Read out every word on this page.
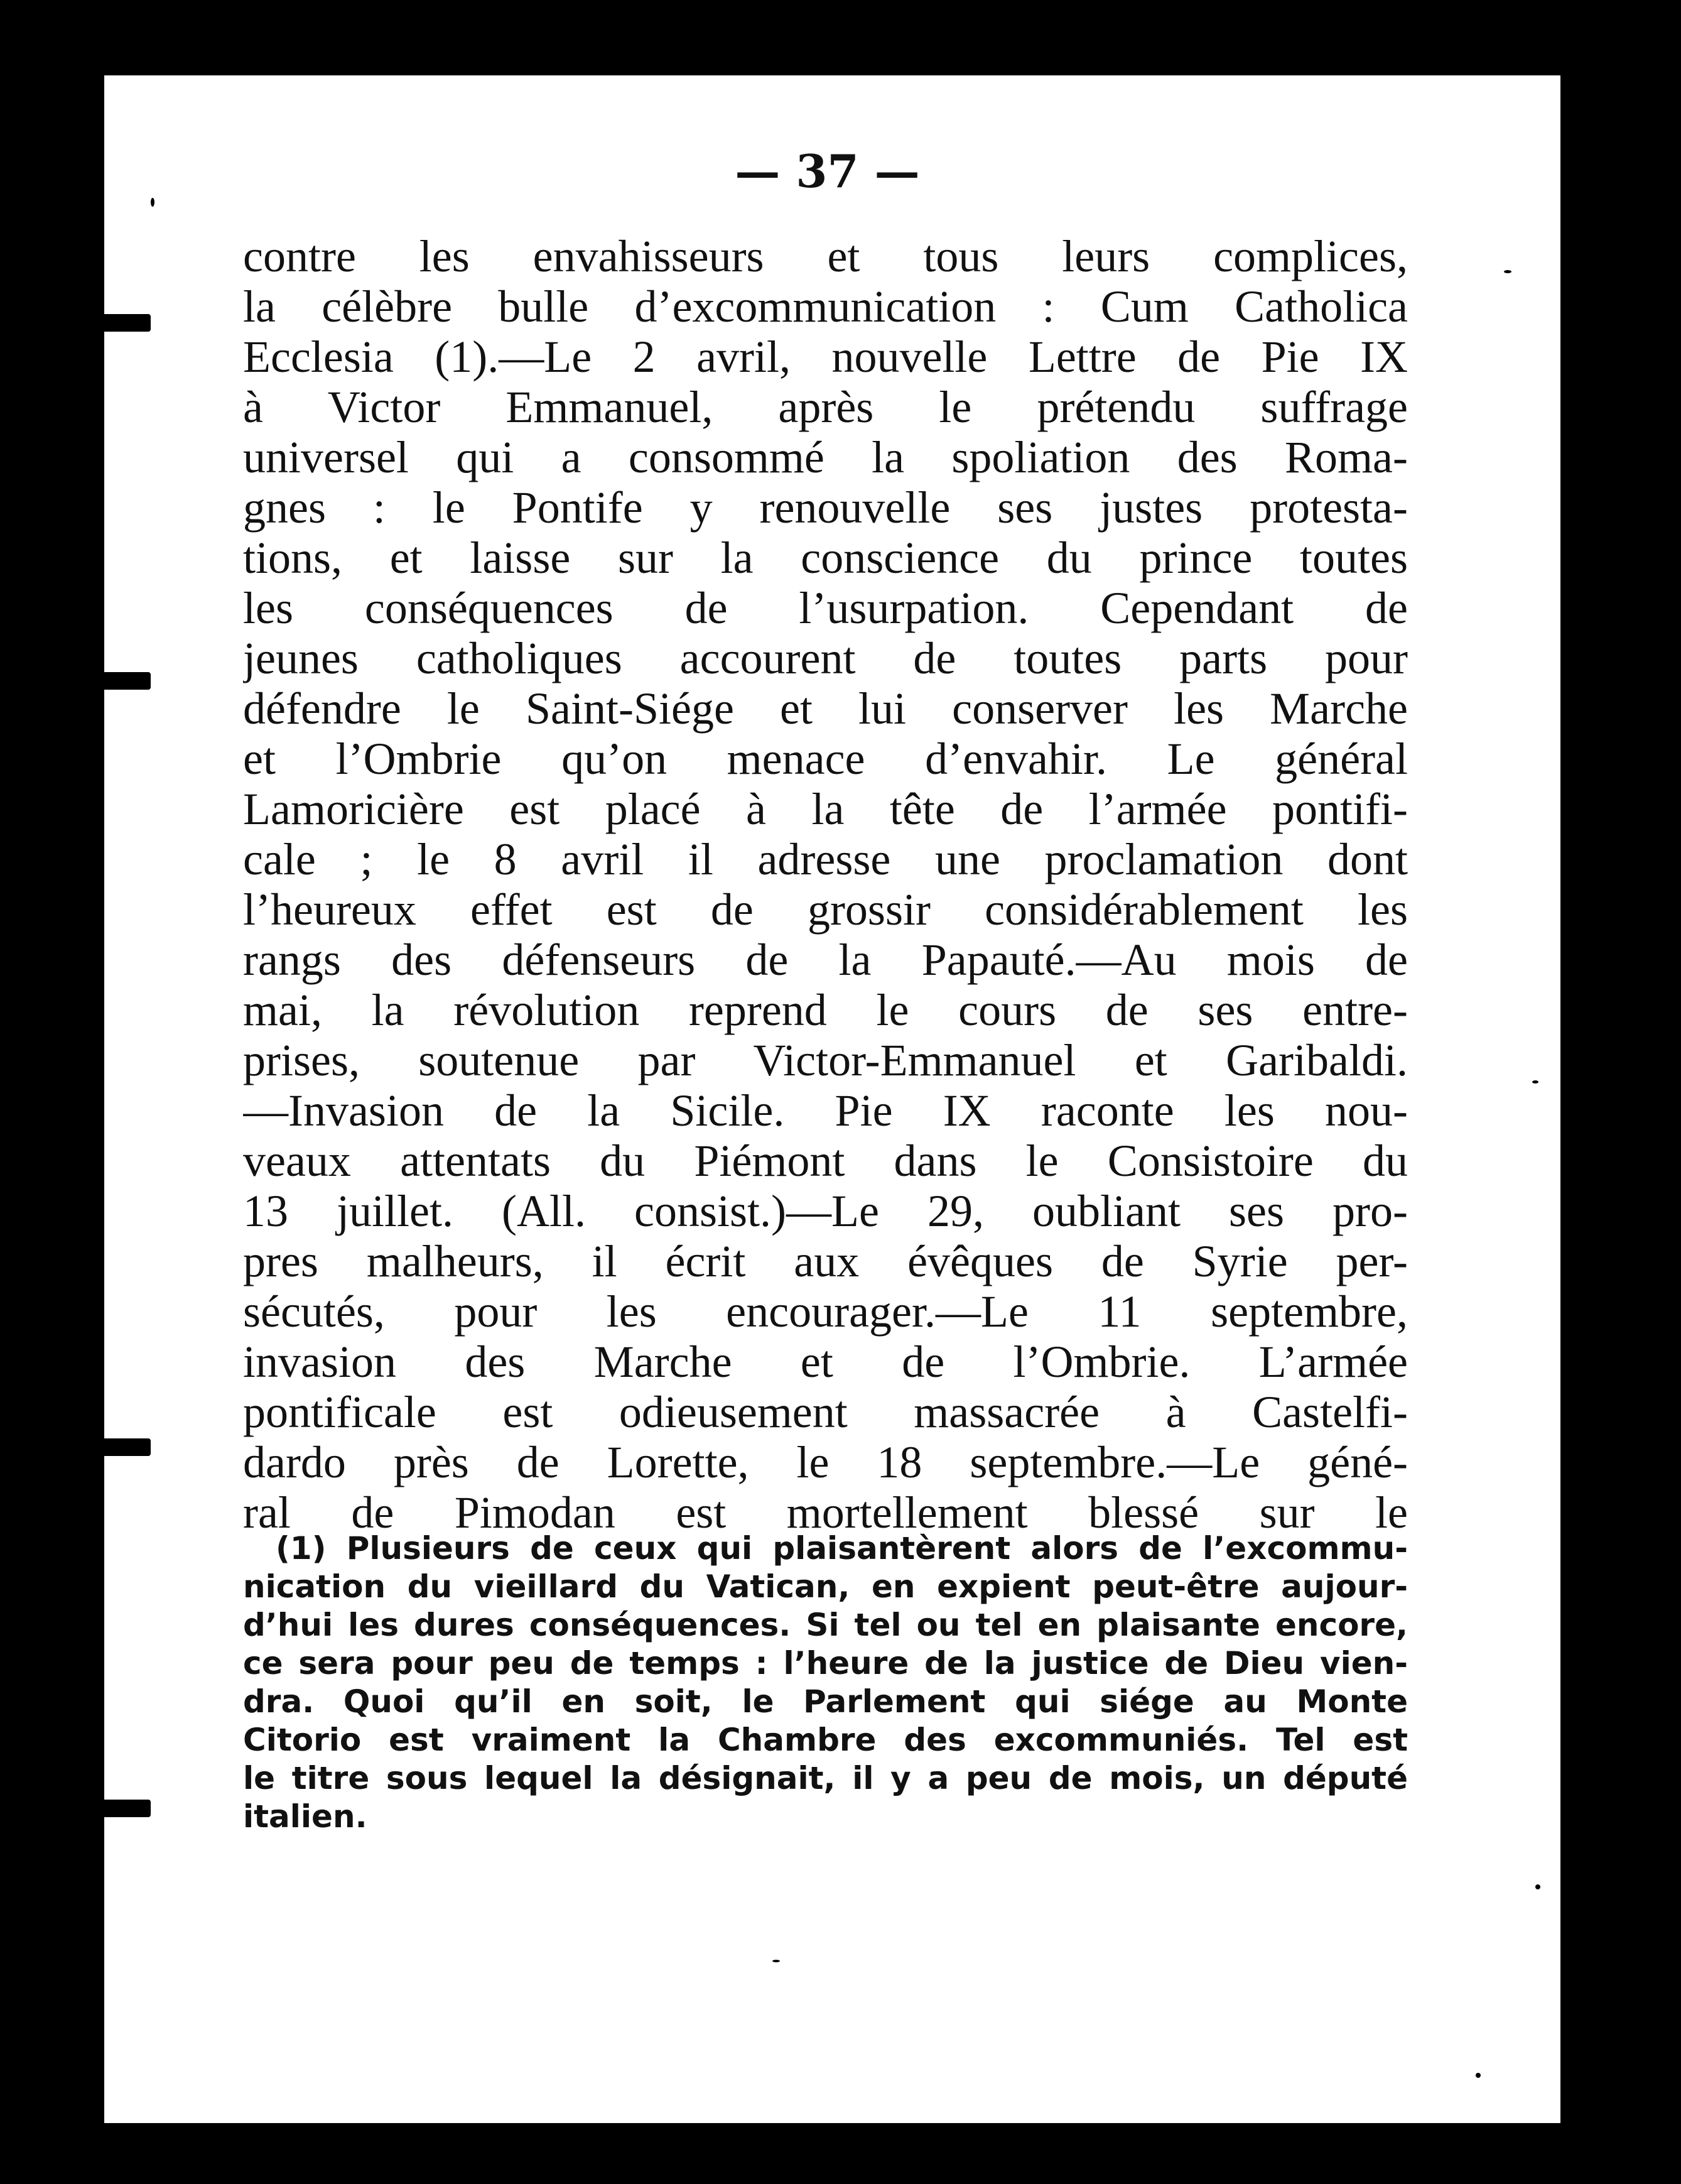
— 37 —
contre les envahisseurs et tous leurs complices,
la célèbre bulle d’excommunication : Cum Catholica
Ecclesia (1).—Le 2 avril, nouvelle Lettre de Pie IX
à Victor Emmanuel, après le prétendu suffrage
universel qui a consommé la spoliation des Roma-
gnes : le Pontife y renouvelle ses justes protesta-
tions, et laisse sur la conscience du prince toutes
les conséquences de l’usurpation. Cependant de
jeunes catholiques accourent de toutes parts pour
défendre le Saint-Siége et lui conserver les Marche
et l’Ombrie qu’on menace d’envahir. Le général
Lamoricière est placé à la tête de l’armée pontifi-
cale ; le 8 avril il adresse une proclamation dont
l’heureux effet est de grossir considérablement les
rangs des défenseurs de la Papauté.—Au mois de
mai, la révolution reprend le cours de ses entre-
prises, soutenue par Victor-Emmanuel et Garibaldi.
—Invasion de la Sicile. Pie IX raconte les nou-
veaux attentats du Piémont dans le Consistoire du
13 juillet. (All. consist.)—Le 29, oubliant ses pro-
pres malheurs, il écrit aux évêques de Syrie per-
sécutés, pour les encourager.—Le 11 septembre,
invasion des Marche et de l’Ombrie. L’armée
pontificale est odieusement massacrée à Castelfi-
dardo près de Lorette, le 18 septembre.—Le géné-
ral de Pimodan est mortellement blessé sur le
(1) Plusieurs de ceux qui plaisantèrent alors de l’excommu-
nication du vieillard du Vatican, en expient peut-être aujour-
d’hui les dures conséquences. Si tel ou tel en plaisante encore,
ce sera pour peu de temps : l’heure de la justice de Dieu vien-
dra. Quoi qu’il en soit, le Parlement qui siége au Monte
Citorio est vraiment la Chambre des excommuniés. Tel est
le titre sous lequel la désignait, il y a peu de mois, un député
italien.
